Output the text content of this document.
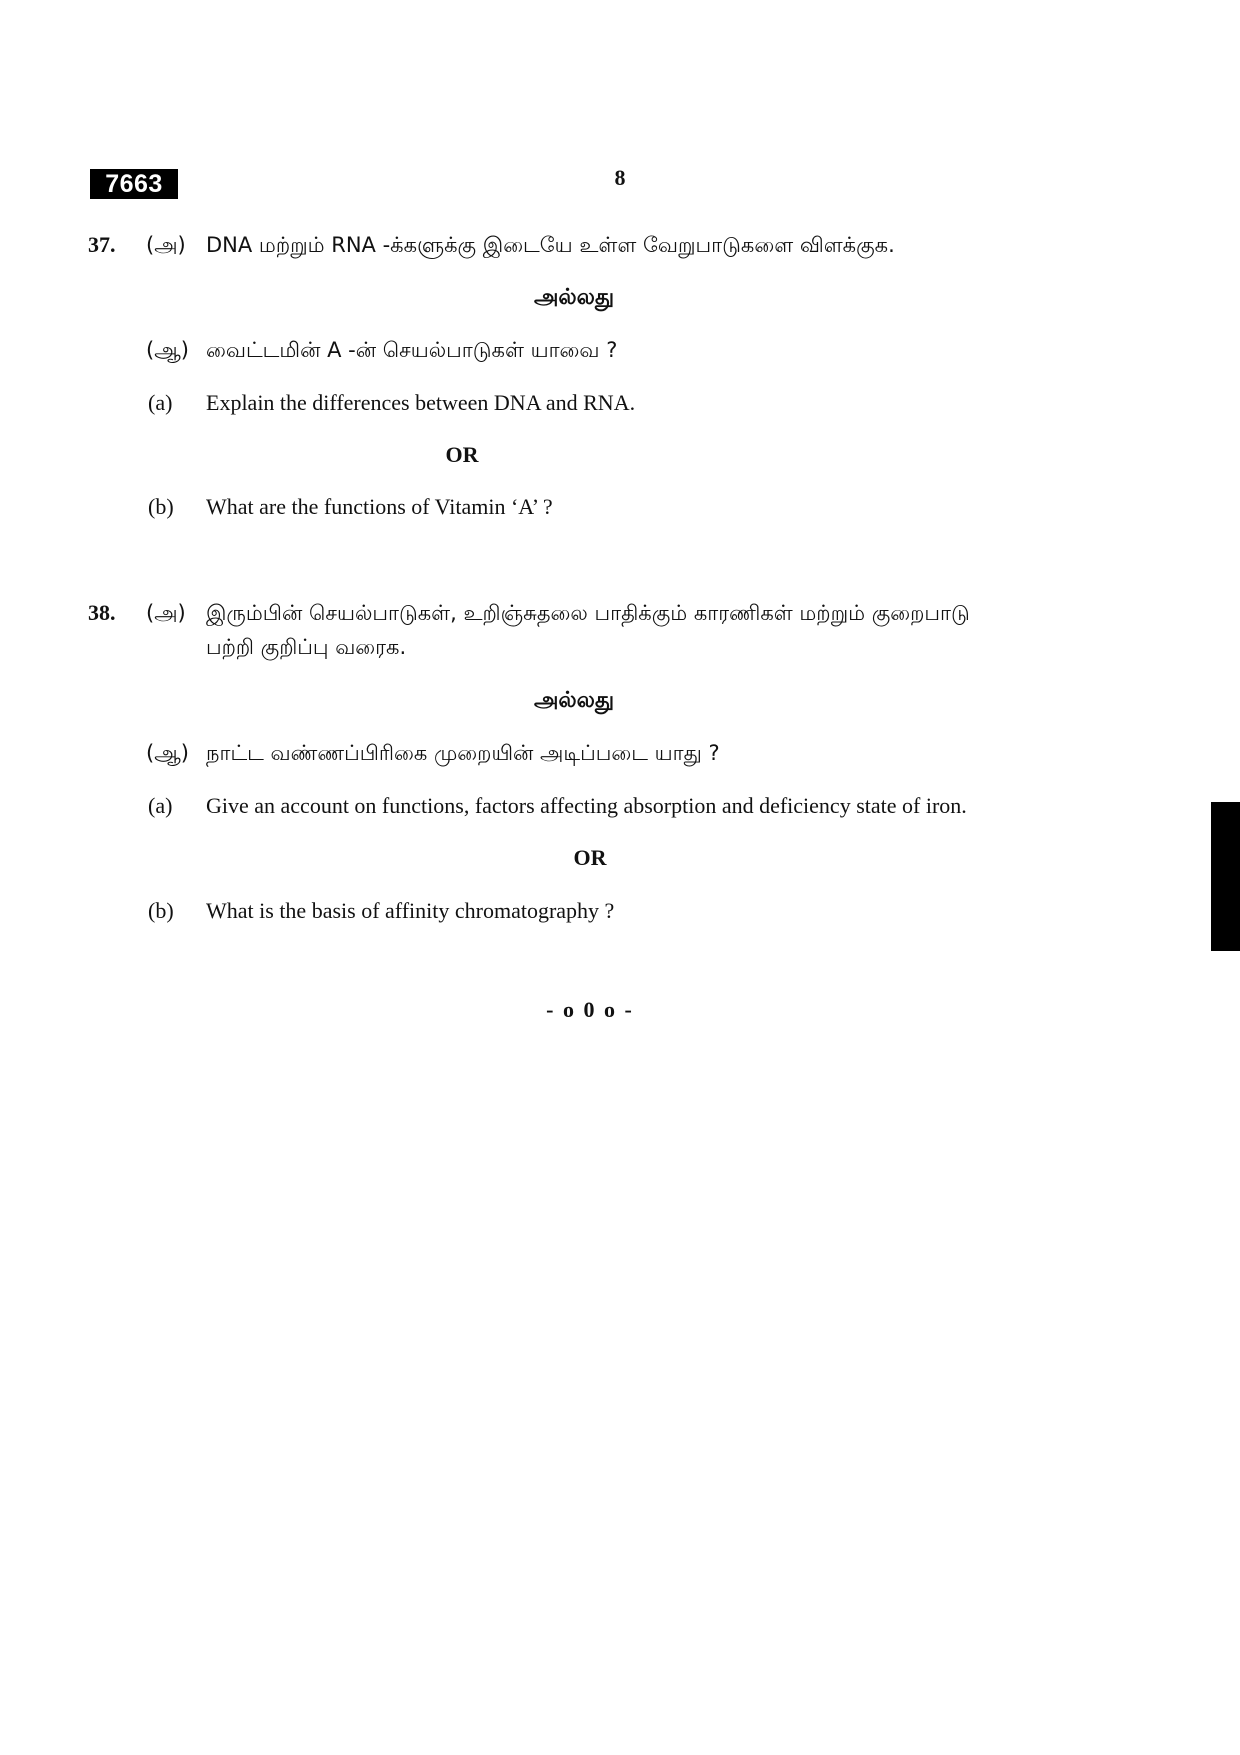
7663	8
37. (அ) DNA மற்றும் RNA -க்களுக்கு இடையே உள்ள வேறுபாடுகளை விளக்குக.
அல்லது
(ஆ) வைட்டமின் A -ன் செயல்பாடுகள் யாவை ?
(a) Explain the differences between DNA and RNA.
OR
(b) What are the functions of Vitamin ‘A’ ?
38. (அ) இரும்பின் செயல்பாடுகள், உறிஞ்சுதலை பாதிக்கும் காரணிகள் மற்றும் குறைபாடு
பற்றி குறிப்பு வரைக.
அல்லது
(ஆ) நாட்ட வண்ணப்பிரிகை முறையின் அடிப்படை யாது ?
(a) Give an account on functions, factors affecting absorption and deficiency state of iron.
OR
(b) What is the basis of affinity chromatography ?
- o 0 o -
